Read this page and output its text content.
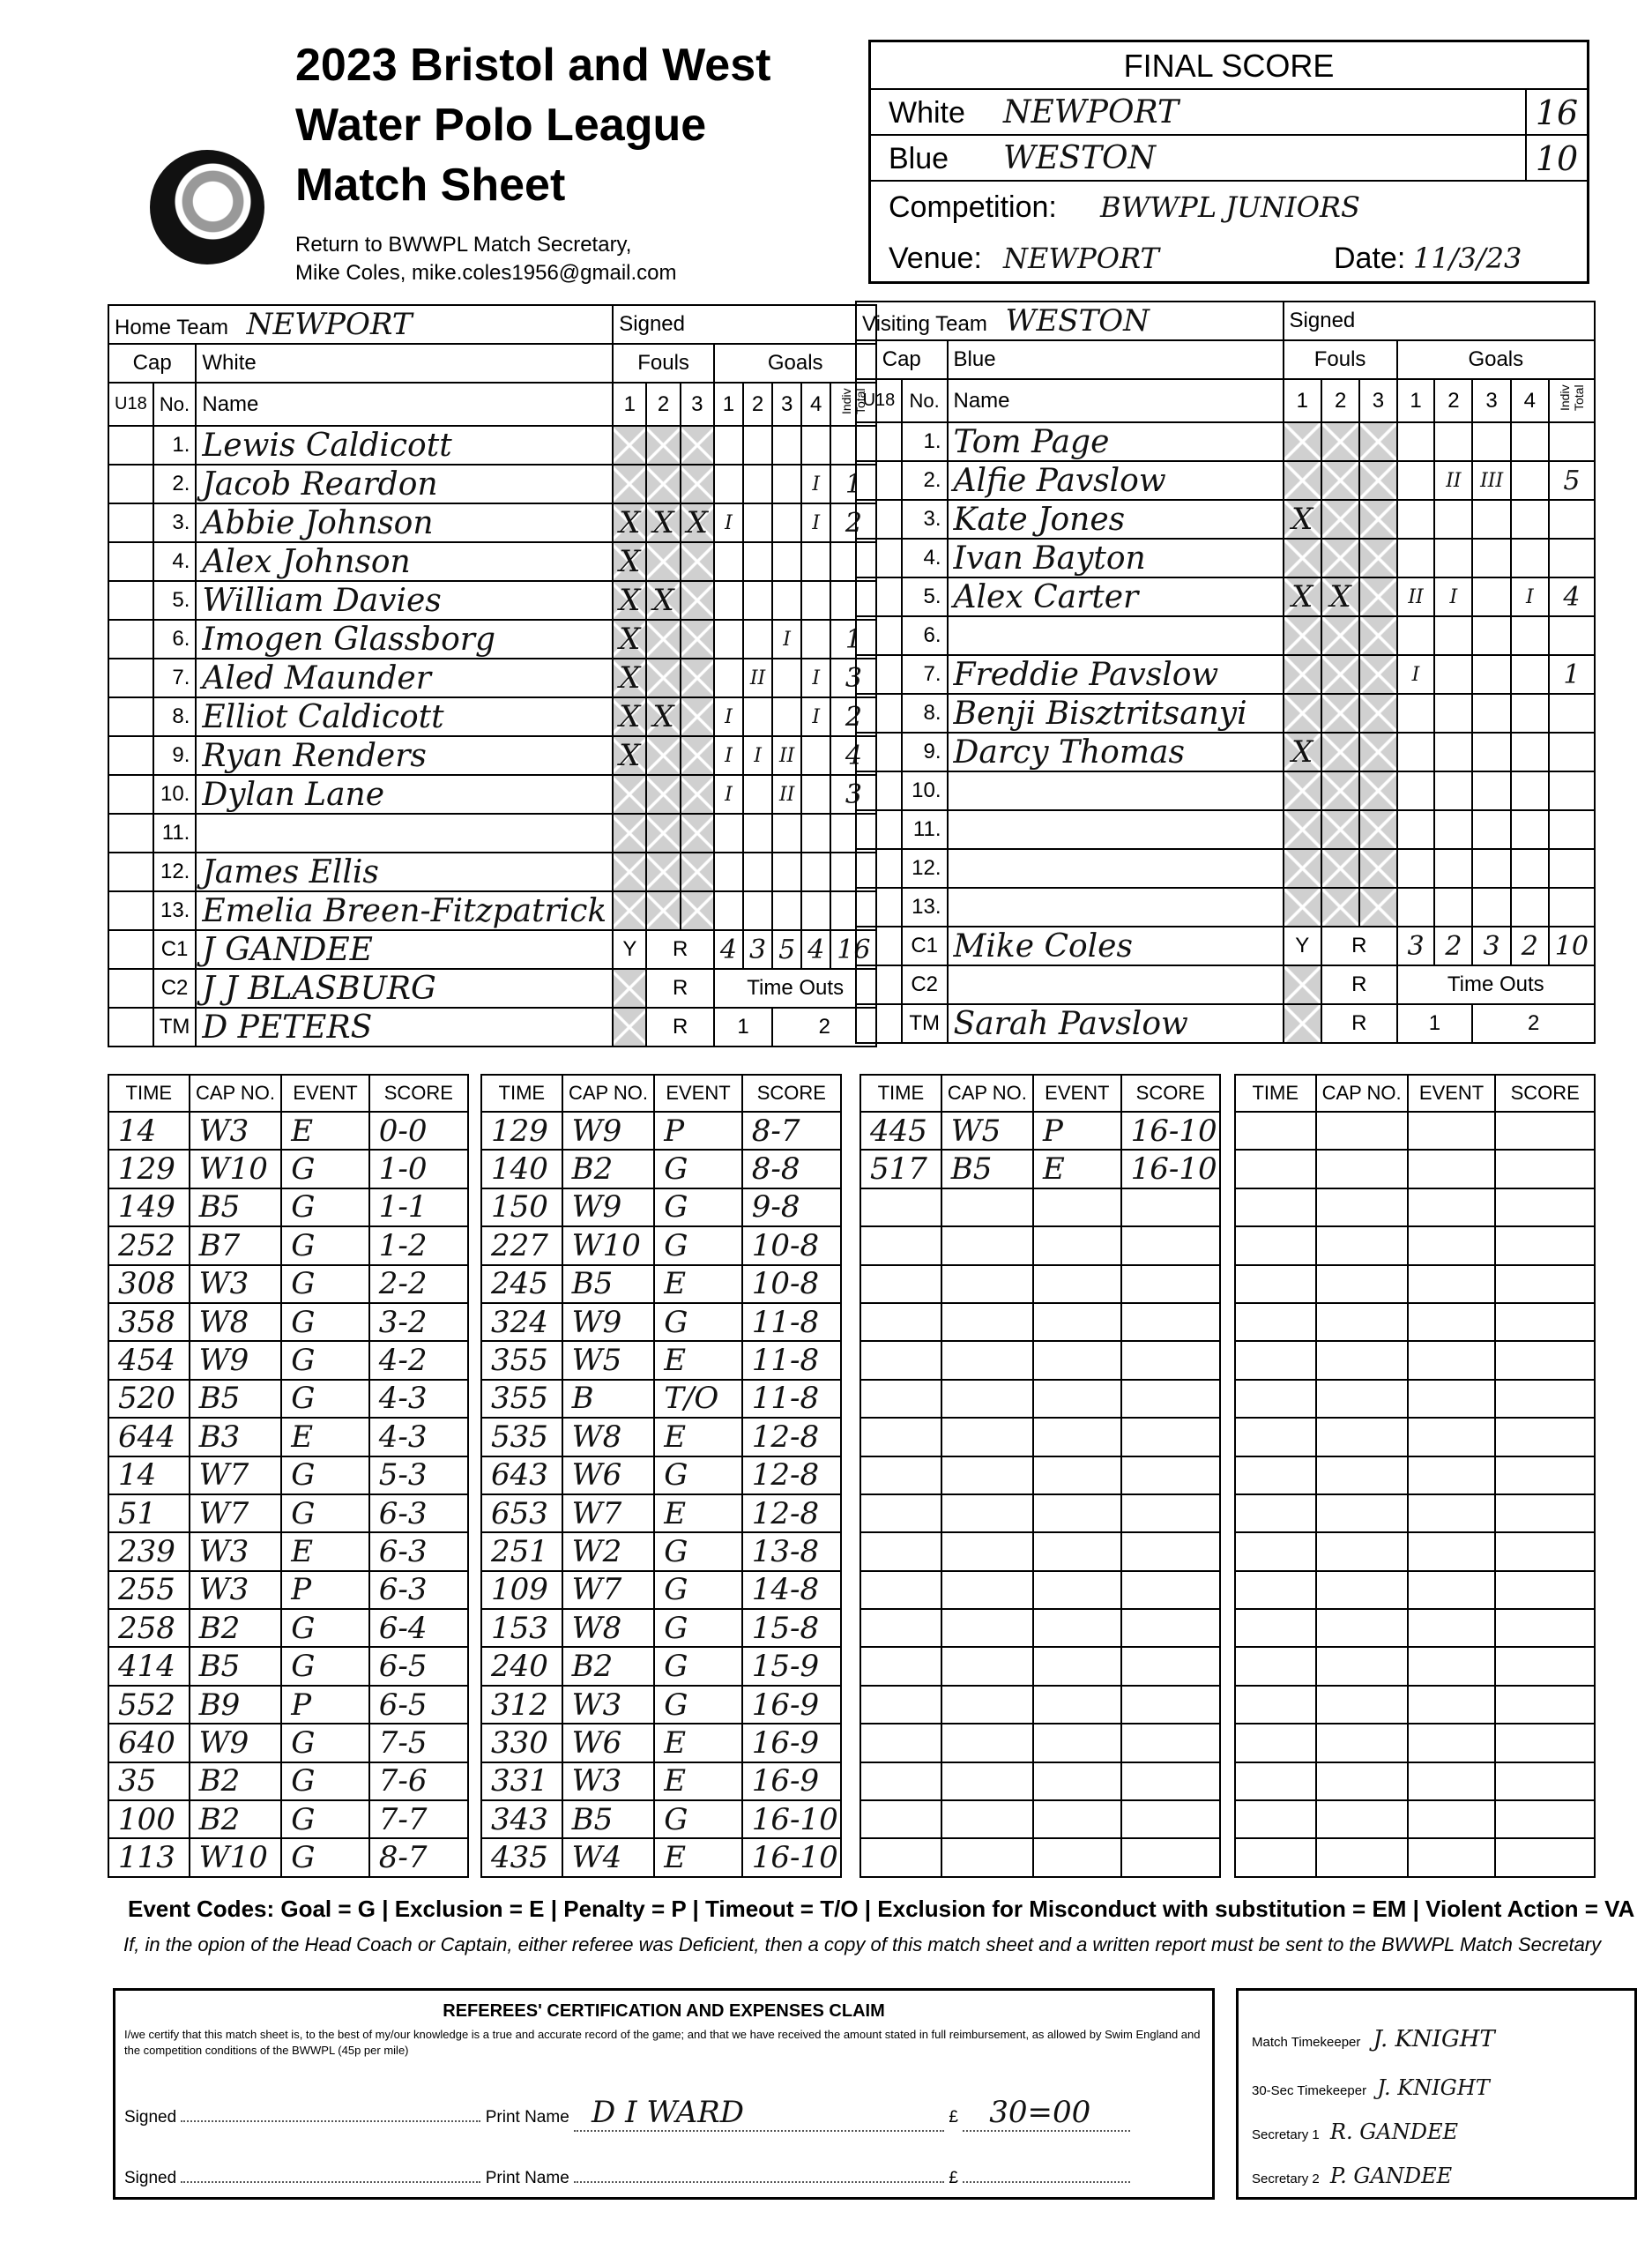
2023 Bristol and West
Water Polo League
Match Sheet
Return to BWWPL Match Secretary,
Mike Coles, mike.coles1956@gmail.com
FINAL SCORE
White NEWPORT	16
Blue WESTON	10
Competition: BWWPL JUNIORS
Venue: NEWPORT	Date: 11/3/23
Home Team NEWPORT			Signed							
Cap		White	Fouls			Goals				
U18	No.	Name	1	2	3	1	2	3	4	Indiv Total
	1.	Lewis Caldicott								
	2.	Jacob Reardon							I	1
	3.	Abbie Johnson	X	X	X	I			I	2
	4.	Alex Johnson	X							
	5.	William Davies	X	X						
	6.	Imogen Glassborg	X					I		1
	7.	Aled Maunder	X				II		I	3
	8.	Elliot Caldicott	X	X		I			I	2
	9.	Ryan Renders	X			I	I	II		4
	10.	Dylan Lane				I		II		3
	11.									
	12.	James Ellis								
	13.	Emelia Breen-Fitzpatrick								
	C1	J GANDEE	Y	R		4	3	5	4	16
	C2	J J BLASBURG		R		Time Outs				
	TM	D PETERS		R		1		2		
Visiting Team WESTON			Signed							
Cap		Blue	Fouls			Goals				
U18	No.	Name	1	2	3	1	2	3	4	Indiv Total
	1.	Tom Page								
	2.	Alfie Pavslow					II	III		5
	3.	Kate Jones	X							
	4.	Ivan Bayton								
	5.	Alex Carter	X	X		II	I		I	4
	6.									
	7.	Freddie Pavslow				I				1
	8.	Benji Bisztritsanyi								
	9.	Darcy Thomas	X							
	10.									
	11.									
	12.									
	13.									
	C1	Mike Coles	Y	R		3	2	3	2	10
	C2			R		Time Outs				
	TM	Sarah Pavslow		R		1		2		
TIME	CAP NO.	EVENT	SCORE
14	W3	E	0-0
129	W10	G	1-0
149	B5	G	1-1
252	B7	G	1-2
308	W3	G	2-2
358	W8	G	3-2
454	W9	G	4-2
520	B5	G	4-3
644	B3	E	4-3
14	W7	G	5-3
51	W7	G	6-3
239	W3	E	6-3
255	W3	P	6-3
258	B2	G	6-4
414	B5	G	6-5
552	B9	P	6-5
640	W9	G	7-5
35	B2	G	7-6
100	B2	G	7-7
113	W10	G	8-7
TIME	CAP NO.	EVENT	SCORE
129	W9	P	8-7
140	B2	G	8-8
150	W9	G	9-8
227	W10	G	10-8
245	B5	E	10-8
324	W9	G	11-8
355	W5	E	11-8
355	B	T/O	11-8
535	W8	E	12-8
643	W6	G	12-8
653	W7	E	12-8
251	W2	G	13-8
109	W7	G	14-8
153	W8	G	15-8
240	B2	G	15-9
312	W3	G	16-9
330	W6	E	16-9
331	W3	E	16-9
343	B5	G	16-10
435	W4	E	16-10
TIME	CAP NO.	EVENT	SCORE
445	W5	P	16-10
517	B5	E	16-10

TIME	CAP NO.	EVENT	SCORE

Event Codes: Goal = G | Exclusion = E | Penalty = P | Timeout = T/O | Exclusion for Misconduct with substitution = EM | Violent Action = VA
If, in the opion of the Head Coach or Captain, either referee was Deficient, then a copy of this match sheet and a written report must be sent to the BWWPL Match Secretary
REFEREES' CERTIFICATION AND EXPENSES CLAIM
I/we certify that this match sheet is, to the best of my/our knowledge is a true and accurate record of the game; and that we have received the amount stated in full reimbursement, as allowed by Swim England and the competition conditions of the BWWPL (45p per mile)
Signed	Print Name D I WARD	£ 30=00
Signed	Print Name	£
Match Timekeeper J. KNIGHT
30-Sec Timekeeper J. KNIGHT
Secretary 1 R. GANDEE
Secretary 2 P. GANDEE
